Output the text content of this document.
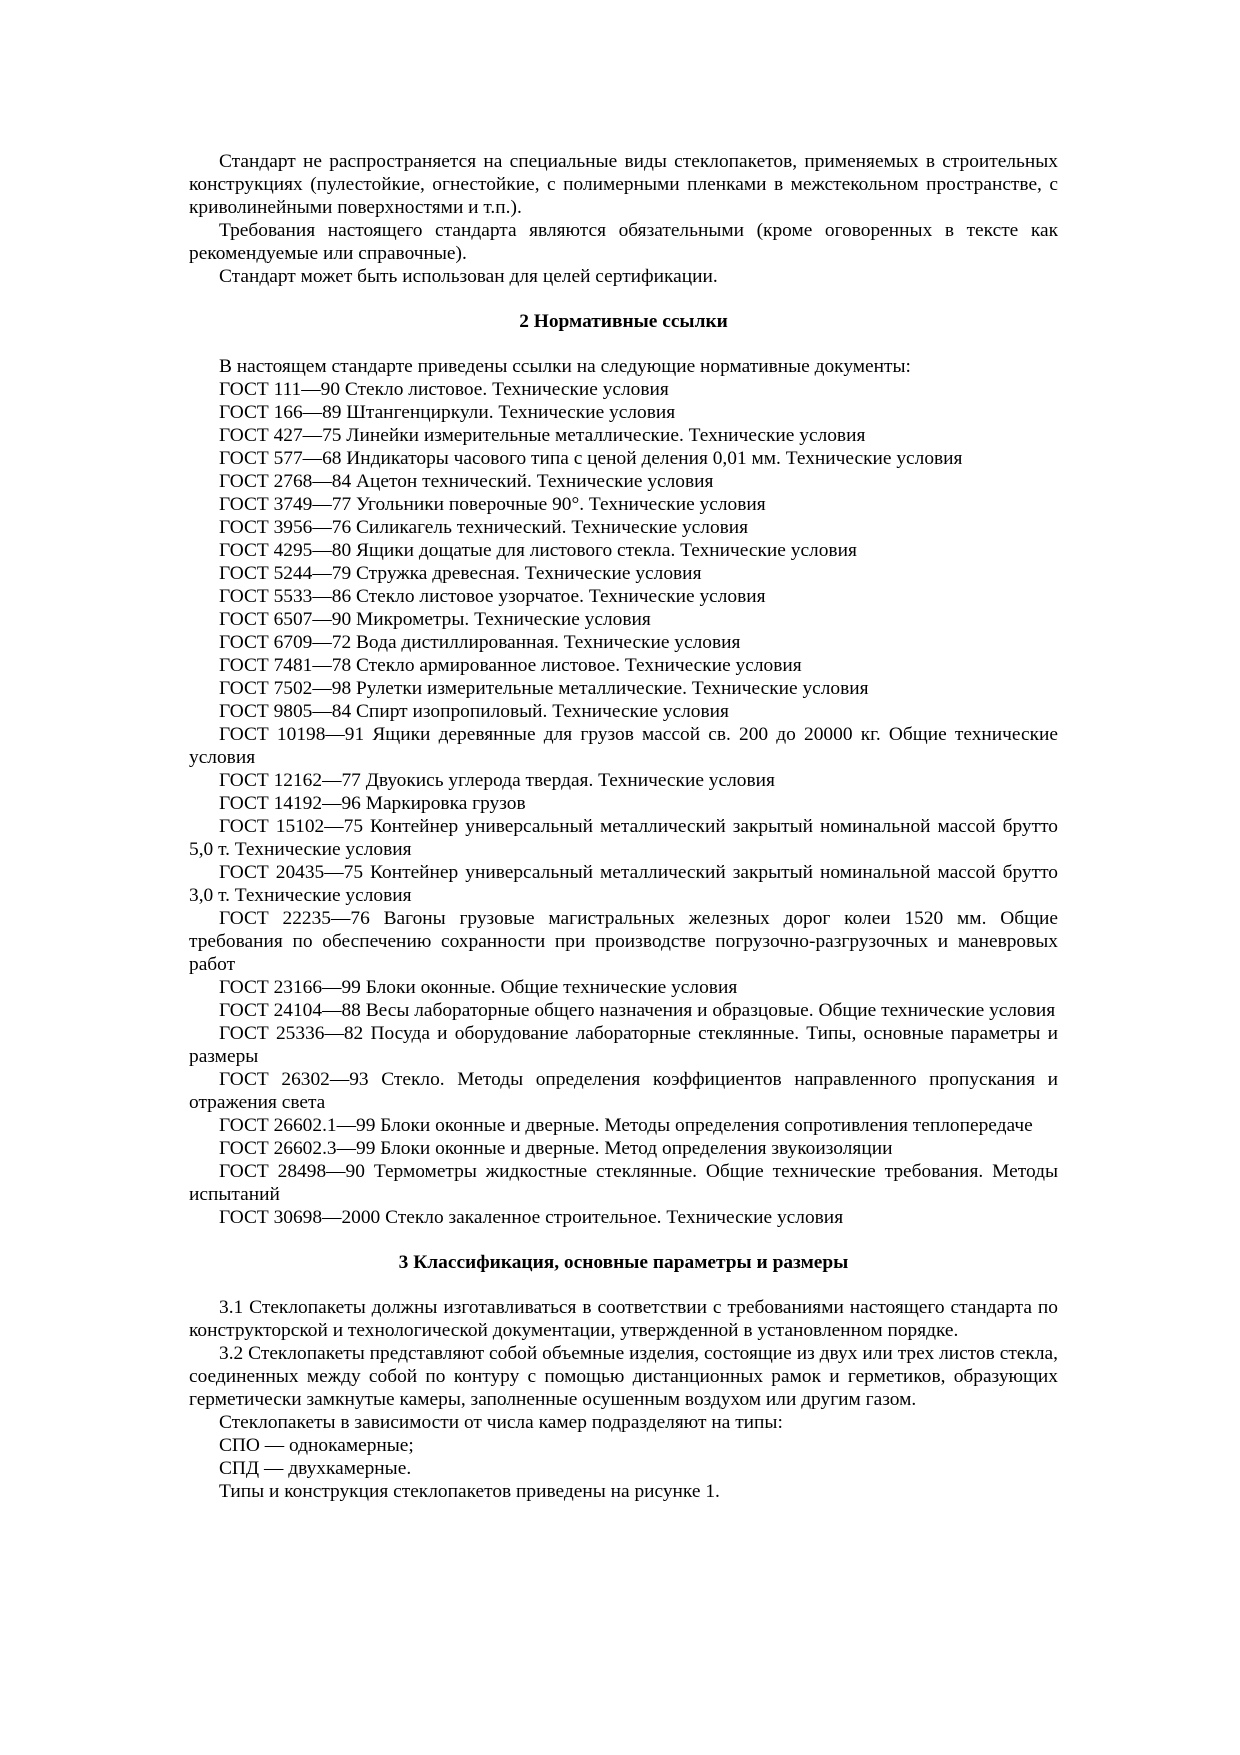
Стандарт не распространяется на специальные виды стеклопакетов, применяемых в строительных конструкциях (пулестойкие, огнестойкие, с полимерными пленками в межстекольном пространстве, с криволинейными поверхностями и т.п.).

Требования настоящего стандарта являются обязательными (кроме оговоренных в тексте как рекомендуемые или справочные).

Стандарт может быть использован для целей сертификации.

2 Нормативные ссылки

В настоящем стандарте приведены ссылки на следующие нормативные документы:

ГОСТ 111—90 Стекло листовое. Технические условия

ГОСТ 166—89 Штангенциркули. Технические условия

ГОСТ 427—75 Линейки измерительные металлические. Технические условия

ГОСТ 577—68 Индикаторы часового типа с ценой деления 0,01 мм. Технические условия

ГОСТ 2768—84 Ацетон технический. Технические условия

ГОСТ 3749—77 Угольники поверочные 90°. Технические условия

ГОСТ 3956—76 Силикагель технический. Технические условия

ГОСТ 4295—80 Ящики дощатые для листового стекла. Технические условия

ГОСТ 5244—79 Стружка древесная. Технические условия

ГОСТ 5533—86 Стекло листовое узорчатое. Технические условия

ГОСТ 6507—90 Микрометры. Технические условия

ГОСТ 6709—72 Вода дистиллированная. Технические условия

ГОСТ 7481—78 Стекло армированное листовое. Технические условия

ГОСТ 7502—98 Рулетки измерительные металлические. Технические условия

ГОСТ 9805—84 Спирт изопропиловый. Технические условия

ГОСТ 10198—91 Ящики деревянные для грузов массой св. 200 до 20000 кг. Общие технические условия

ГОСТ 12162—77 Двуокись углерода твердая. Технические условия

ГОСТ 14192—96 Маркировка грузов

ГОСТ 15102—75 Контейнер универсальный металлический закрытый номинальной массой брутто 5,0 т. Технические условия

ГОСТ 20435—75 Контейнер универсальный металлический закрытый номинальной массой брутто 3,0 т. Технические условия

ГОСТ 22235—76 Вагоны грузовые магистральных железных дорог колеи 1520 мм. Общие требования по обеспечению сохранности при производстве погрузочно-разгрузочных и маневровых работ

ГОСТ 23166—99 Блоки оконные. Общие технические условия

ГОСТ 24104—88 Весы лабораторные общего назначения и образцовые. Общие технические условия

ГОСТ 25336—82 Посуда и оборудование лабораторные стеклянные. Типы, основные параметры и размеры

ГОСТ 26302—93 Стекло. Методы определения коэффициентов направленного пропускания и отражения света

ГОСТ 26602.1—99 Блоки оконные и дверные. Методы определения сопротивления теплопередаче

ГОСТ 26602.3—99 Блоки оконные и дверные. Метод определения звукоизоляции

ГОСТ 28498—90 Термометры жидкостные стеклянные. Общие технические требования. Методы испытаний

ГОСТ 30698—2000 Стекло закаленное строительное. Технические условия

3 Классификация, основные параметры и размеры

3.1 Стеклопакеты должны изготавливаться в соответствии с требованиями настоящего стандарта по конструкторской и технологической документации, утвержденной в установленном порядке.

3.2 Стеклопакеты представляют собой объемные изделия, состоящие из двух или трех листов стекла, соединенных между собой по контуру с помощью дистанционных рамок и герметиков, образующих герметически замкнутые камеры, заполненные осушенным воздухом или другим газом.

Стеклопакеты в зависимости от числа камер подразделяют на типы:

СПО — однокамерные;

СПД — двухкамерные.

Типы и конструкция стеклопакетов приведены на рисунке 1.
